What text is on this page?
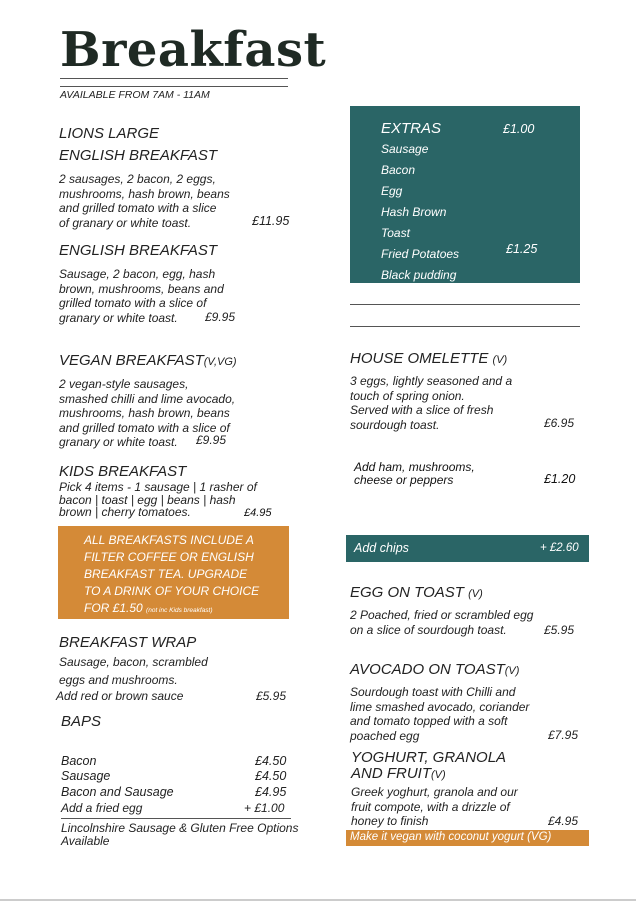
Breakfast
AVAILABLE FROM 7AM - 11AM
LIONS LARGE
ENGLISH BREAKFAST
2 sausages, 2 bacon, 2 eggs,
mushrooms, hash brown, beans
and grilled tomato with a slice
of granary or white toast.	£11.95
ENGLISH BREAKFAST
Sausage, 2 bacon, egg, hash
brown, mushrooms, beans and
grilled tomato with a slice of
granary or white toast.	£9.95
VEGAN BREAKFAST(V,VG)
2 vegan-style sausages,
smashed chilli and lime avocado,
mushrooms, hash brown, beans
and grilled tomato with a slice of
granary or white toast.	£9.95
KIDS BREAKFAST
Pick 4 items - 1 sausage | 1 rasher of
bacon | toast | egg | beans | hash
brown | cherry tomatoes.	£4.95
ALL BREAKFASTS INCLUDE A
FILTER COFFEE OR ENGLISH
BREAKFAST TEA. UPGRADE
TO A DRINK OF YOUR CHOICE
FOR £1.50 (not inc Kids breakfast)
BREAKFAST WRAP
Sausage, bacon, scrambled
eggs and mushrooms.
Add red or brown sauce	£5.95
BAPS
Bacon	£4.50
Sausage	£4.50
Bacon and Sausage	£4.95
Add a fried egg	+ £1.00
Lincolnshire Sausage & Gluten Free Options
Available
EXTRAS	£1.00
Sausage
Bacon
Egg
Hash Brown
Toast
Fried Potatoes	£1.25
Black pudding
HOUSE OMELETTE (V)
3 eggs, lightly seasoned and a
touch of spring onion.
Served with a slice of fresh
sourdough toast.	£6.95
Add ham, mushrooms,
cheese or peppers	£1.20
Add chips	+ £2.60
EGG ON TOAST (V)
2 Poached, fried or scrambled egg
on a slice of sourdough toast.	£5.95
AVOCADO ON TOAST(V)
Sourdough toast with Chilli and
lime smashed avocado, coriander
and tomato topped with a soft
poached egg	£7.95
YOGHURT, GRANOLA
AND FRUIT(V)
Greek yoghurt, granola and our
fruit compote, with a drizzle of
honey to finish	£4.95
Make it vegan with coconut yogurt (VG)
